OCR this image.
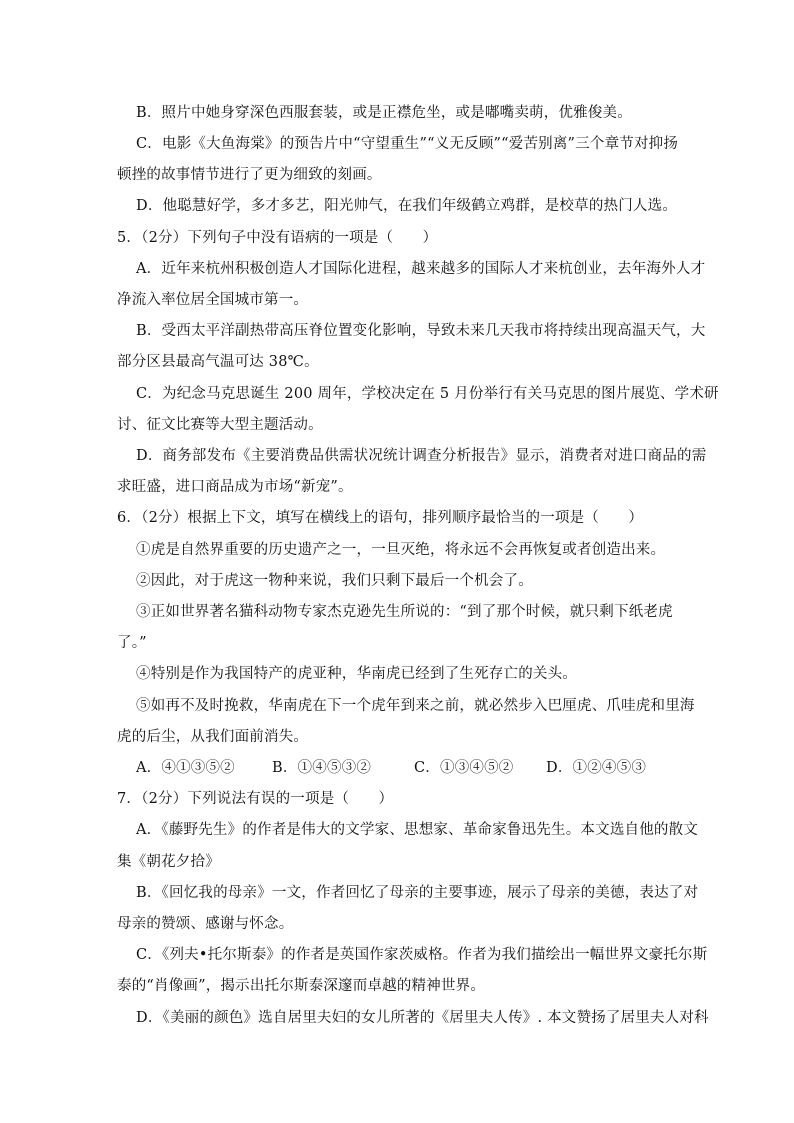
B．照片中她身穿深色西服套装，或是正襟危坐，或是嘟嘴卖萌，优雅俊美。
C．电影《大鱼海棠》的预告片中“守望重生”“义无反顾”“爱苦别离”三个章节对抑扬
顿挫的故事情节进行了更为细致的刻画。
D．他聪慧好学，多才多艺，阳光帅气，在我们年级鹤立鸡群，是校草的热门人选。
5．（2分）下列句子中没有语病的一项是（　　）
A．近年来杭州积极创造人才国际化进程，越来越多的国际人才来杭创业，去年海外人才
净流入率位居全国城市第一。
B．受西太平洋副热带高压脊位置变化影响，导致未来几天我市将持续出现高温天气，大
部分区县最高气温可达 38℃。
C．为纪念马克思诞生 200 周年，学校决定在 5 月份举行有关马克思的图片展览、学术研
讨、征文比赛等大型主题活动。
D．商务部发布《主要消费品供需状况统计调查分析报告》显示，消费者对进口商品的需
求旺盛，进口商品成为市场“新宠”。
6．（2分）根据上下文，填写在横线上的语句，排列顺序最恰当的一项是（　　）
①虎是自然界重要的历史遗产之一，一旦灭绝，将永远不会再恢复或者创造出来。
②因此，对于虎这一物种来说，我们只剩下最后一个机会了。
③正如世界著名猫科动物专家杰克逊先生所说的：“到了那个时候，就只剩下纸老虎
了。”
④特别是作为我国特产的虎亚种，华南虎已经到了生死存亡的关头。
⑤如再不及时挽救，华南虎在下一个虎年到来之前，就必然步入巴厘虎、爪哇虎和里海
虎的后尘，从我们面前消失。
A．④①③⑤②	B．①④⑤③②	C．①③④⑤② D．①②④⑤③
7．（2分）下列说法有误的一项是（　　）
A．《藤野先生》的作者是伟大的文学家、思想家、革命家鲁迅先生。本文选自他的散文
集《朝花夕拾》
B．《回忆我的母亲》一文，作者回忆了母亲的主要事迹，展示了母亲的美德，表达了对
母亲的赞颂、感谢与怀念。
C．《列夫•托尔斯泰》的作者是英国作家茨威格。作者为我们描绘出一幅世界文豪托尔斯
泰的“肖像画”，揭示出托尔斯泰深邃而卓越的精神世界。
D．《美丽的颜色》选自居里夫妇的女儿所著的《居里夫人传》. 本文赞扬了居里夫人对科
